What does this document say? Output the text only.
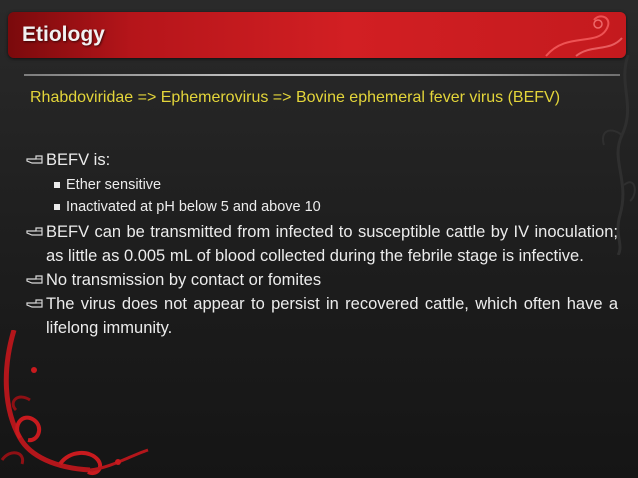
Etiology
Rhabdoviridae => Ephemerovirus => Bovine ephemeral fever virus (BEFV)
BEFV is:
Ether sensitive
Inactivated at pH below 5 and above 10
BEFV can be transmitted from infected to susceptible cattle by IV inoculation; as little as 0.005 mL of blood collected during the febrile stage is infective.
No transmission by contact or fomites
The virus does not appear to persist in recovered cattle, which often have a lifelong immunity.
